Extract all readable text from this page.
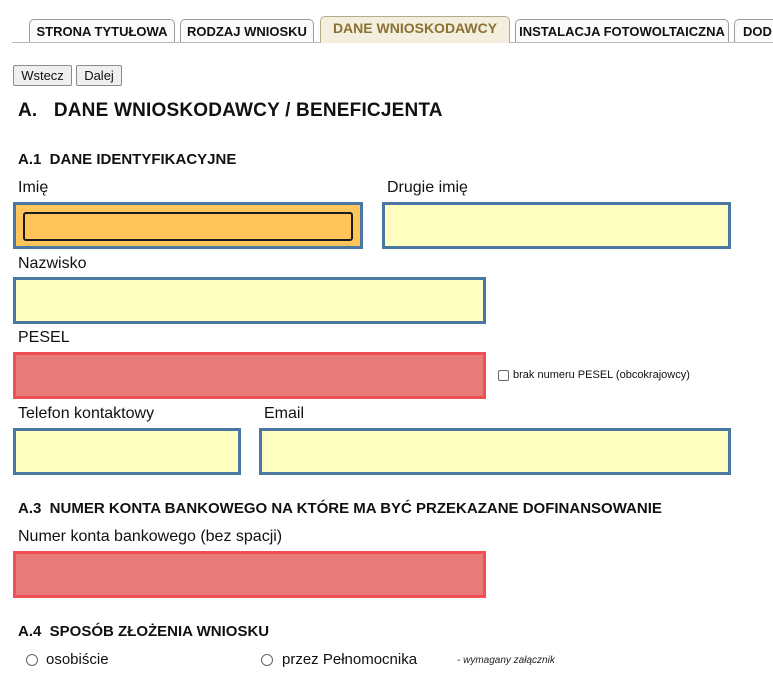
STRONA TYTUŁOWA	RODZAJ WNIOSKU	DANE WNIOSKODAWCY	INSTALACJA FOTOWOLTAICZNA	DOD
Wstecz	Dalej
A.   DANE WNIOSKODAWCY / BENEFICJENTA
A.1  DANE IDENTYFIKACYJNE
Imię	Drugie imię
Nazwisko
PESEL
brak numeru PESEL (obcokrajowcy)
Telefon kontaktowy	Email
A.3  NUMER KONTA BANKOWEGO NA KTÓRE MA BYĆ PRZEKAZANE DOFINANSOWANIE
Numer konta bankowego (bez spacji)
A.4  SPOSÓB ZŁOŻENIA WNIOSKU
osobiście	przez Pełnomocnika	- wymagany załącznik
